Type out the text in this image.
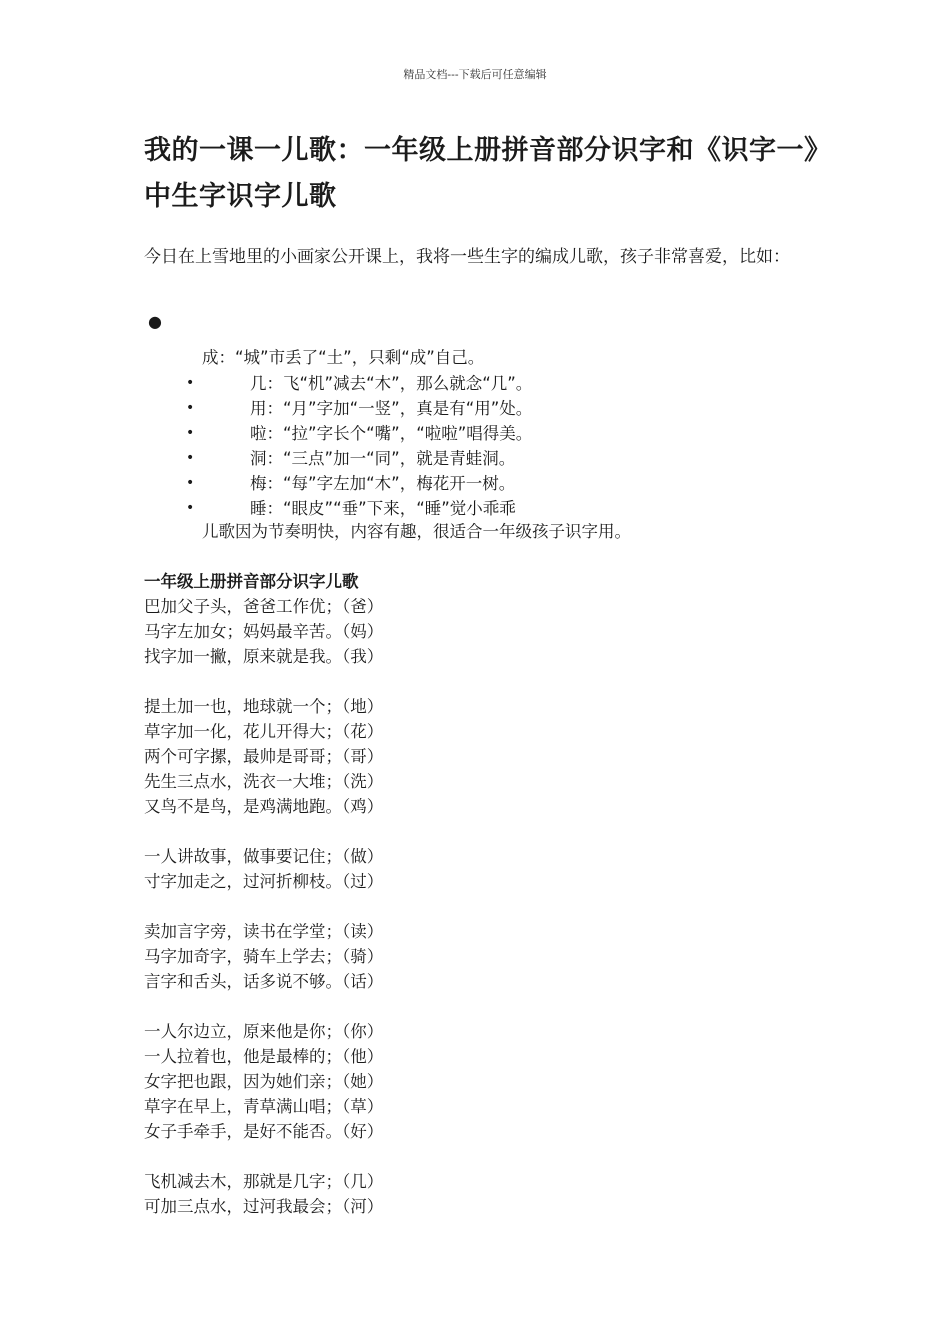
精品文档---下载后可任意编辑
我的一课一儿歌：一年级上册拼音部分识字和《识字一》中生字识字儿歌
今日在上雪地里的小画家公开课上，我将一些生字的编成儿歌，孩子非常喜爱，比如：
●
成：“城”市丢了“土”，只剩“成”自己。
•	几：飞“机”减去“木”，那么就念“几”。
•	用：“月”字加“一竖”，真是有“用”处。
•	啦：“拉”字长个“嘴”，“啦啦”唱得美。
•	洞：“三点”加一“同”，就是青蛙洞。
•	梅：“每”字左加“木”，梅花开一树。
•	睡：“眼皮”“垂”下来，“睡”觉小乖乖
儿歌因为节奏明快，内容有趣，很适合一年级孩子识字用。
一年级上册拼音部分识字儿歌
巴加父子头，爸爸工作优；（爸）
马字左加女；妈妈最辛苦。（妈）
找字加一撇，原来就是我。（我）
提土加一也，地球就一个；（地）
草字加一化，花儿开得大；（花）
两个可字摞，最帅是哥哥；（哥）
先生三点水，洗衣一大堆；（洗）
又鸟不是鸟，是鸡满地跑。（鸡）
一人讲故事，做事要记住；（做）
寸字加走之，过河折柳枝。（过）
卖加言字旁，读书在学堂；（读）
马字加奇字，骑车上学去；（骑）
言字和舌头，话多说不够。（话）
一人尔边立，原来他是你；（你）
一人拉着也，他是最棒的；（他）
女字把也跟，因为她们亲；（她）
草字在早上，青草满山唱；（草）
女子手牵手，是好不能否。（好）
飞机减去木，那就是几字；（几）
可加三点水，过河我最会；（河）
